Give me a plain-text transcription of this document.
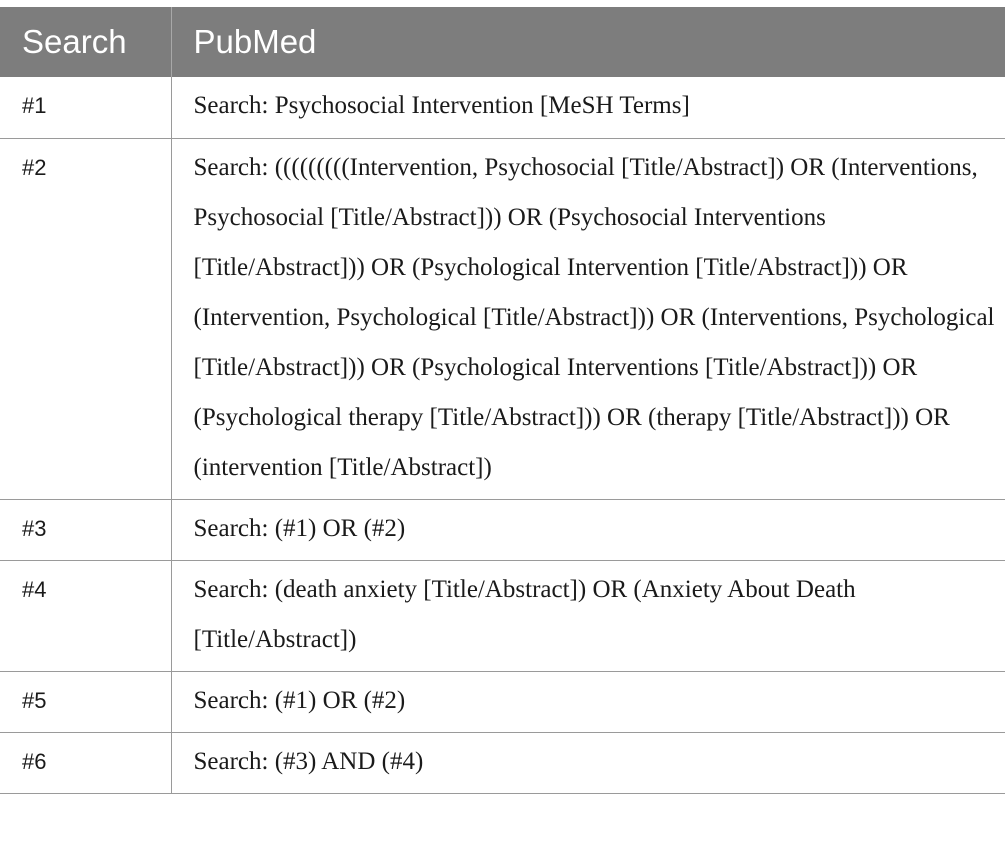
Search	PubMed
#1	Search: Psychosocial Intervention [MeSH Terms]
#2	Search: (((((((((Intervention, Psychosocial [Title/Abstract]) OR (Interventions, Psychosocial [Title/Abstract])) OR (Psychosocial Interventions [Title/Abstract])) OR (Psychological Intervention [Title/Abstract])) OR (Intervention, Psychological [Title/Abstract])) OR (Interventions, Psychological [Title/Abstract])) OR (Psychological Interventions [Title/Abstract])) OR (Psychological therapy [Title/Abstract])) OR (therapy [Title/Abstract])) OR (intervention [Title/Abstract])
#3	Search: (#1) OR (#2)
#4	Search: (death anxiety [Title/Abstract]) OR (Anxiety About Death [Title/Abstract])
#5	Search: (#1) OR (#2)
#6	Search: (#3) AND (#4)
